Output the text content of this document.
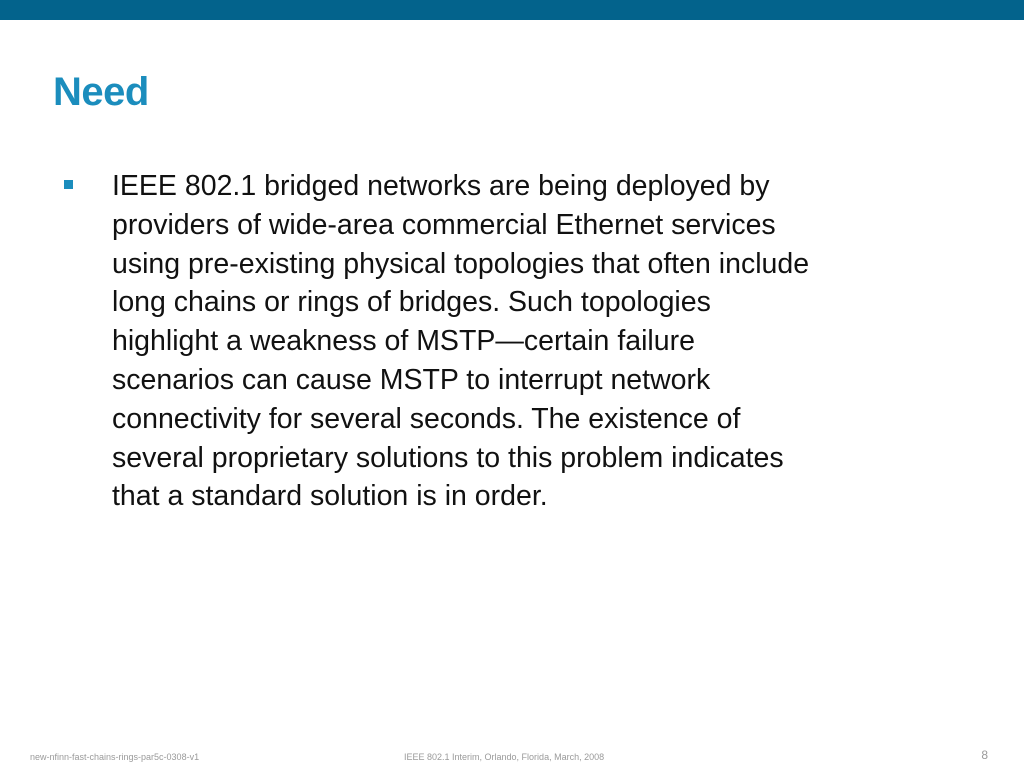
Need
IEEE 802.1 bridged networks are being deployed by
providers of wide-area commercial Ethernet services
using pre-existing physical topologies that often include
long chains or rings of bridges. Such topologies
highlight a weakness of MSTP—certain failure
scenarios can cause MSTP to interrupt network
connectivity for several seconds. The existence of
several proprietary solutions to this problem indicates
that a standard solution is in order.
new-nfinn-fast-chains-rings-par5c-0308-v1	IEEE 802.1 Interim, Orlando, Florida, March, 2008	8
